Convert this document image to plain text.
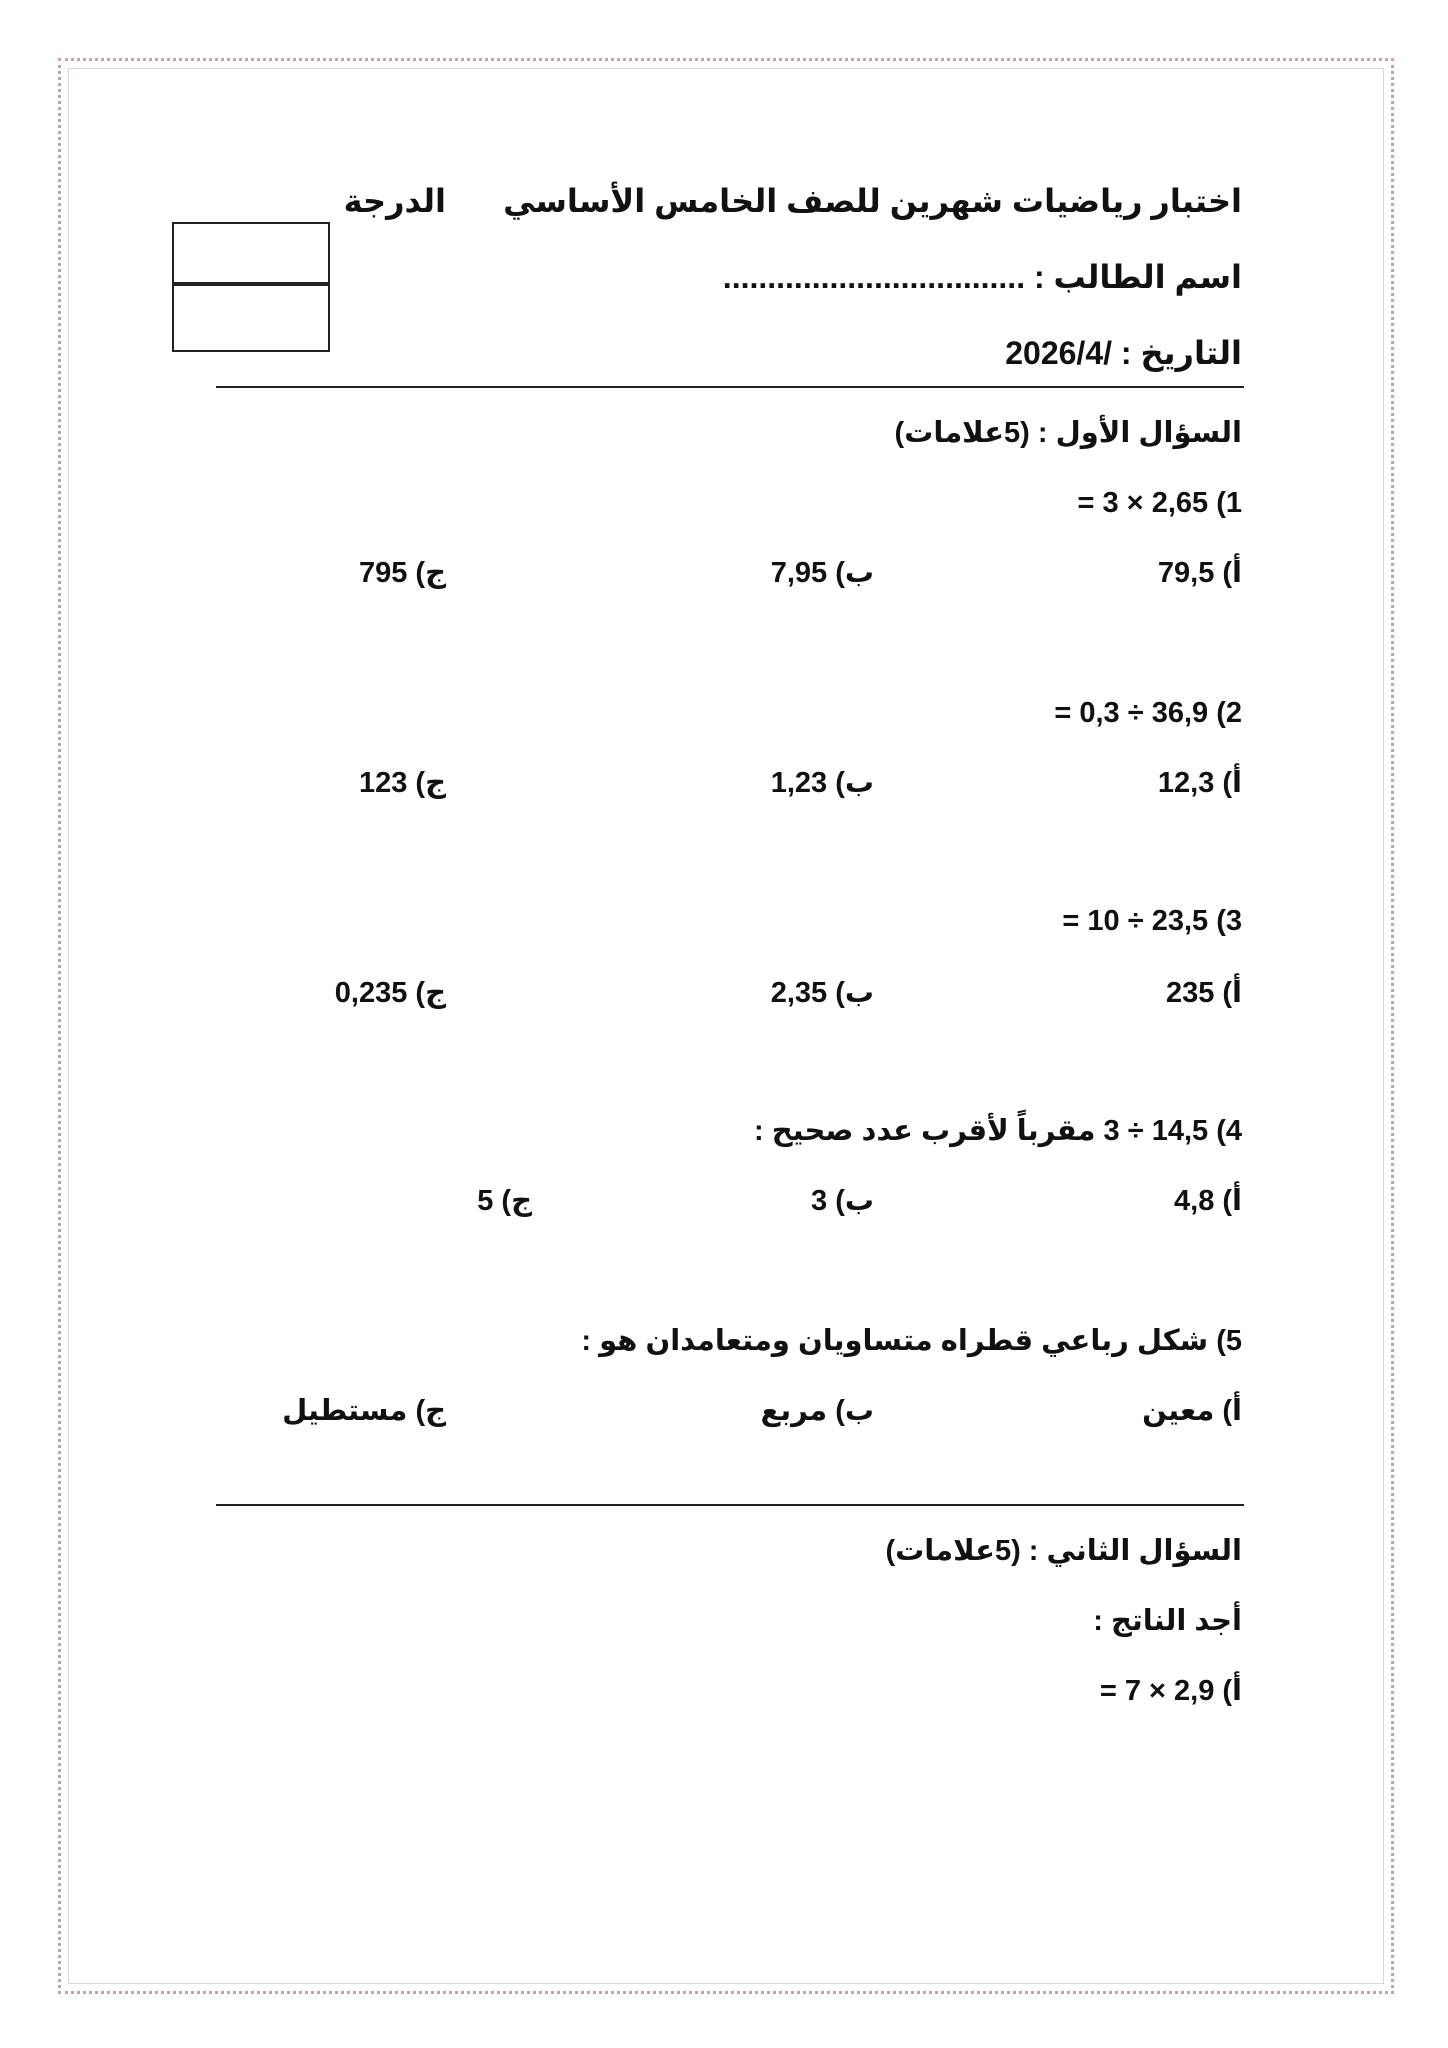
اختبار رياضيات شهرين للصف الخامس الأساسي
الدرجة
اسم الطالب : ..................................
التاريخ : /2026/4
السؤال الأول : (5علامات)
1) 2,65 × 3 =
أ) 79,5
ب) 7,95
ج) 795
2) 36,9 ÷ 0,3 =
أ) 12,3
ب) 1,23
ج) 123
3) 23,5 ÷ 10 =
أ) 235
ب) 2,35
ج) 0,235
4) 14,5 ÷ 3 مقرباً لأقرب عدد صحيح :
أ) 4,8
ب) 3
ج) 5
5) شكل رباعي قطراه متساويان ومتعامدان هو :
أ) معين
ب) مربع
ج) مستطيل
السؤال الثاني : (5علامات)
أجد الناتج :
أ) 2,9 × 7 =
